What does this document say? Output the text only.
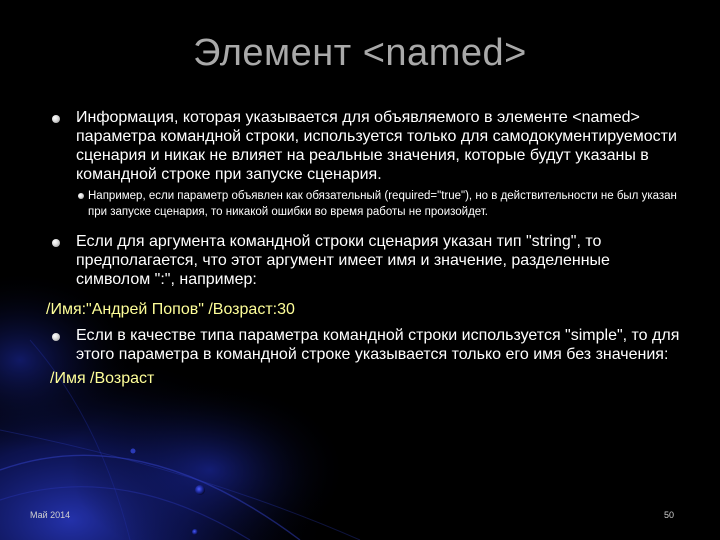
Элемент <named>
Информация, которая указывается для объявляемого в элементе <named> параметра командной строки, используется только для самодокументируемости сценария и никак не влияет на реальные значения, которые будут указаны в командной строке при запуске сценария.
Например, если параметр объявлен как обязательный (required="true"), но в действительности не был указан при запуске сценария, то никакой ошибки во время работы не произойдет.
Если для аргумента командной строки сценария указан тип "string", то предполагается, что этот аргумент имеет имя и значение, разделенные символом ":", например:
/Имя:"Андрей Попов" /Возраст:30
Если в качестве типа параметра командной строки используется "simple", то для этого параметра в командной строке указывается только его имя без значения:
/Имя /Возраст
Май 2014	50
